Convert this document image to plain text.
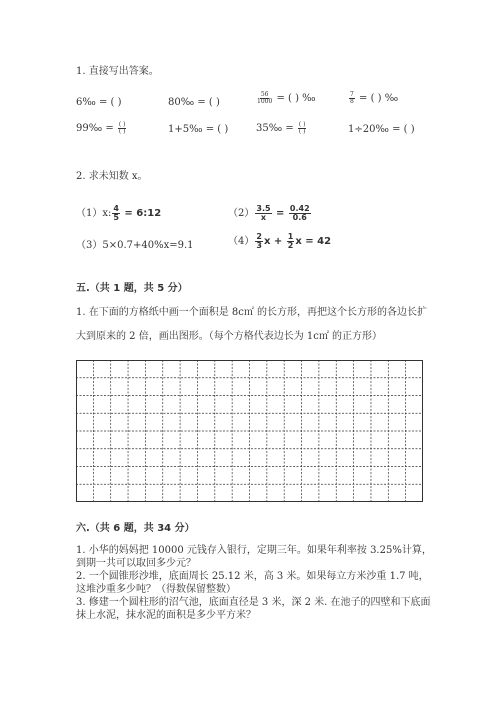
1. 直接写出答案。
6‰ = ( )	80‰ = ( )	$\frac{56}{1000}$ = ( ) ‰	$\frac{7}{8}$ = ( ) ‰
99‰ = $\frac{( )}{( )}$	1+5‰ = ( )	35‰ = $\frac{( )}{( )}$	1÷20‰ = ( )
2. 求未知数 x。
（1）x: $\frac{4}{5}$ = 6:12	$(2) \frac{3.5}{x} = \frac{0.42}{0.6}$
（3）5×0.7+40%x=9.1	$(4) \frac{2}{3}$ $x + \frac{1}{2}$ x = 42
五.（共 1 题，共 5 分）
1. 在下面的方格纸中画一个面积是 8c㎡ 的长方形，再把这个长方形的各边长扩
大到原来的 2 倍，画出图形。（每个方格代表边长为 1c㎡ 的正方形）
六.（共 6 题，共 34 分）
1. 小华的妈妈把 10000 元钱存入银行，定期三年。如果年利率按 3.25%计算，
到期一共可以取回多少元？
2. 一个圆锥形沙堆，底面周长 25.12 米，高 3 米。如果每立方米沙重 1.7 吨，
这堆沙重多少吨？（得数保留整数）
3. 修建一个圆柱形的沼气池，底面直径是 3 米，深 2 米. 在池子的四壁和下底面
抹上水泥，抹水泥的面积是多少平方米？
